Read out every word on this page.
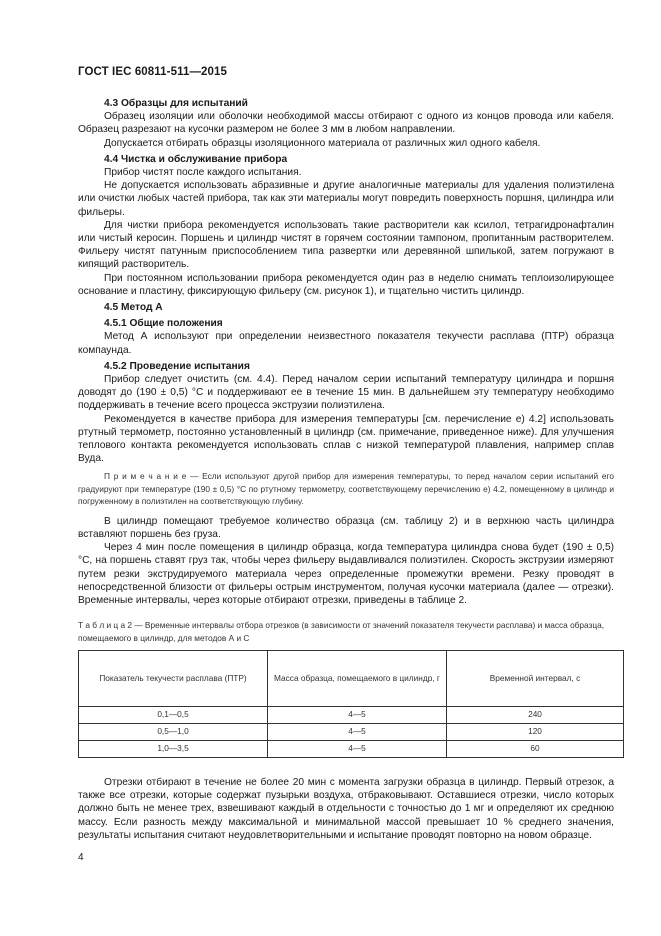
ГОСТ IEC 60811-511—2015
4.3 Образцы для испытаний

Образец изоляции или оболочки необходимой массы отбирают с одного из концов провода или кабеля. Образец разрезают на кусочки размером не более 3 мм в любом направлении.

Допускается отбирать образцы изоляционного материала от различных жил одного кабеля.

4.4 Чистка и обслуживание прибора

Прибор чистят после каждого испытания.

Не допускается использовать абразивные и другие аналогичные материалы для удаления полиэтилена или очистки любых частей прибора, так как эти материалы могут повредить поверхность поршня, цилиндра или фильеры.

Для чистки прибора рекомендуется использовать такие растворители как ксилол, тетрагидронафталин или чистый керосин. Поршень и цилиндр чистят в горячем состоянии тампоном, пропитанным растворителем. Фильеру чистят патунным приспособлением типа развертки или деревянной шпилькой, затем погружают в кипящий растворитель.

При постоянном использовании прибора рекомендуется один раз в неделю снимать теплоизолирующее основание и пластину, фиксирующую фильеру (см. рисунок 1), и тщательно чистить цилиндр.

4.5 Метод А
4.5.1 Общие положения

Метод А используют при определении неизвестного показателя текучести расплава (ПТР) образца компаунда.

4.5.2 Проведение испытания

Прибор следует очистить (см. 4.4). Перед началом серии испытаний температуру цилиндра и поршня доводят до (190 ± 0,5) °С и поддерживают ее в течение 15 мин. В дальнейшем эту температуру необходимо поддерживать в течение всего процесса экструзии полиэтилена.

Рекомендуется в качестве прибора для измерения температуры [см. перечисление е) 4.2] использовать ртутный термометр, постоянно установленный в цилиндр (см. примечание, приведенное ниже). Для улучшения теплового контакта рекомендуется использовать сплав с низкой температурой плавления, например сплав Вуда.

П р и м е ч а н и е — Если используют другой прибор для измерения температуры, то перед началом серии испытаний его градуируют при температуре (190 ± 0,5) °С по ртутному термометру, соответствующему перечислению е) 4.2, помещенному в цилиндр и погруженному в полиэтилен на соответствующую глубину.

В цилиндр помещают требуемое количество образца (см. таблицу 2) и в верхнюю часть цилиндра вставляют поршень без груза.

Через 4 мин после помещения в цилиндр образца, когда температура цилиндра снова будет (190 ± 0,5) °С, на поршень ставят груз так, чтобы через фильеру выдавливался полиэтилен. Скорость экструзии измеряют путем резки экструдируемого материала через определенные промежутки времени. Резку проводят в непосредственной близости от фильеры острым инструментом, получая кусочки материала (далее — отрезки). Временные интервалы, через которые отбирают отрезки, приведены в таблице 2.

Т а б л и ц а 2 — Временные интервалы отбора отрезков (в зависимости от значений показателя текучести расплава) и масса образца, помещаемого в цилиндр, для методов А и С
Показатель текучести расплава (ПТР)	Масса образца, помещаемого в цилиндр, г	Временной интервал, с
0,1—0,5	4—5	240
0,5—1,0	4—5	120
1,0—3,5	4—5	60

Отрезки отбирают в течение не более 20 мин с момента загрузки образца в цилиндр. Первый отрезок, а также все отрезки, которые содержат пузырьки воздуха, отбраковывают. Оставшиеся отрезки, число которых должно быть не менее трех, взвешивают каждый в отдельности с точностью до 1 мг и определяют их среднюю массу. Если разность между максимальной и минимальной массой превышает 10 % среднего значения, результаты испытания считают неудовлетворительными и испытание проводят повторно на новом образце.

4
